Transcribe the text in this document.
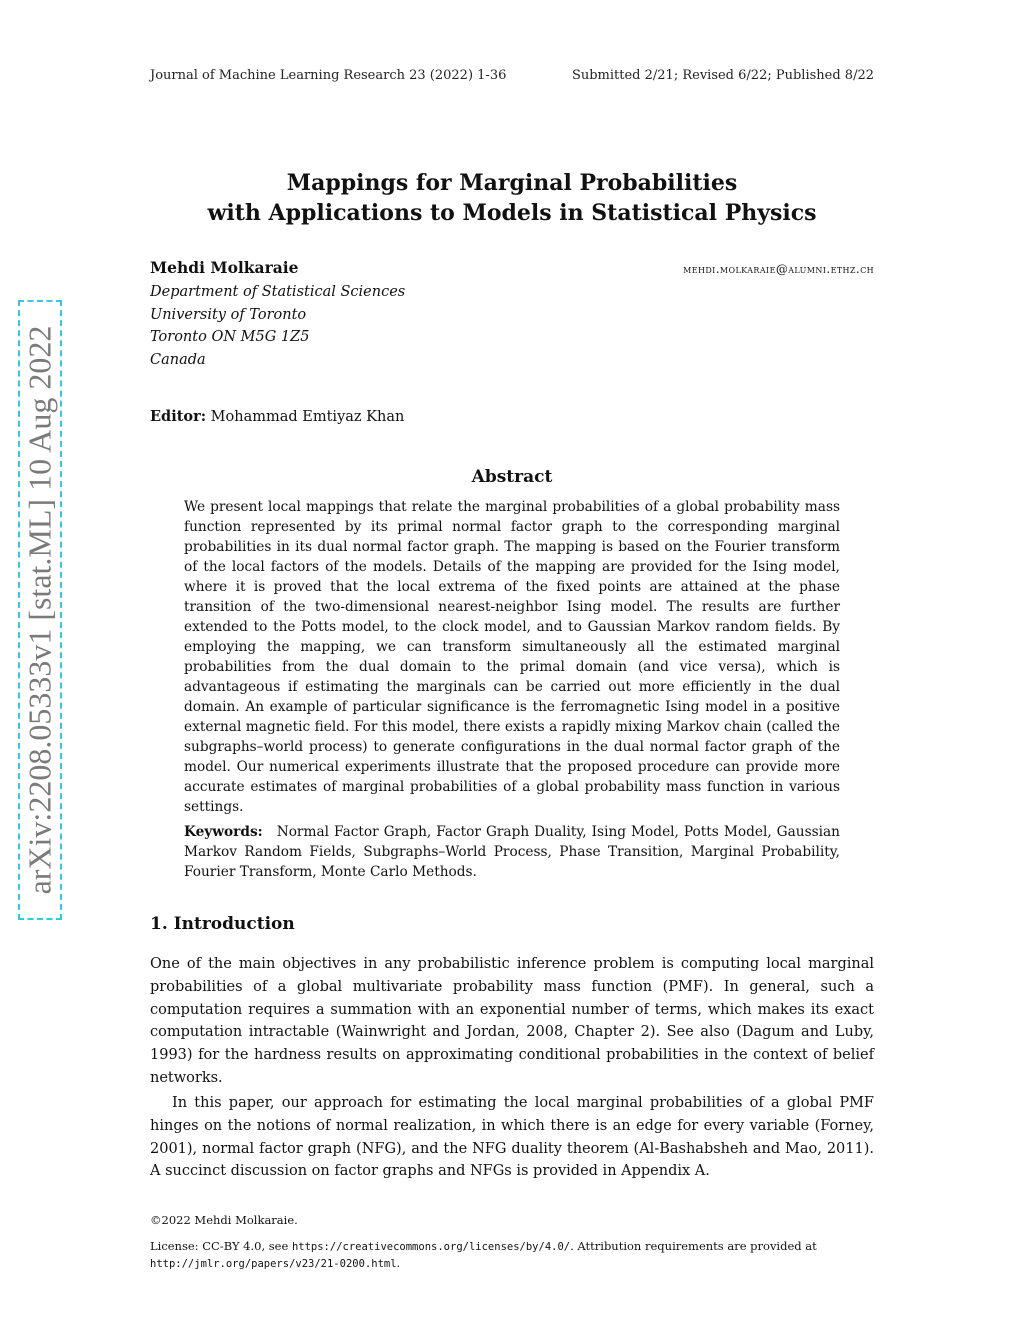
Journal of Machine Learning Research 23 (2022) 1-36	Submitted 2/21; Revised 6/22; Published 8/22
Mappings for Marginal Probabilities
with Applications to Models in Statistical Physics
Mehdi Molkaraie	mehdi.molkaraie@alumni.ethz.ch
Department of Statistical Sciences
University of Toronto
Toronto ON M5G 1Z5
Canada
Editor: Mohammad Emtiyaz Khan
Abstract
We present local mappings that relate the marginal probabilities of a global probability mass function represented by its primal normal factor graph to the corresponding marginal probabilities in its dual normal factor graph. The mapping is based on the Fourier transform of the local factors of the models. Details of the mapping are provided for the Ising model, where it is proved that the local extrema of the fixed points are attained at the phase transition of the two-dimensional nearest-neighbor Ising model. The results are further extended to the Potts model, to the clock model, and to Gaussian Markov random fields. By employing the mapping, we can transform simultaneously all the estimated marginal probabilities from the dual domain to the primal domain (and vice versa), which is advantageous if estimating the marginals can be carried out more efficiently in the dual domain. An example of particular significance is the ferromagnetic Ising model in a positive external magnetic field. For this model, there exists a rapidly mixing Markov chain (called the subgraphs–world process) to generate configurations in the dual normal factor graph of the model. Our numerical experiments illustrate that the proposed procedure can provide more accurate estimates of marginal probabilities of a global probability mass function in various settings.
Keywords: Normal Factor Graph, Factor Graph Duality, Ising Model, Potts Model, Gaussian Markov Random Fields, Subgraphs–World Process, Phase Transition, Marginal Probability, Fourier Transform, Monte Carlo Methods.
1. Introduction
One of the main objectives in any probabilistic inference problem is computing local marginal probabilities of a global multivariate probability mass function (PMF). In general, such a computation requires a summation with an exponential number of terms, which makes its exact computation intractable (Wainwright and Jordan, 2008, Chapter 2). See also (Dagum and Luby, 1993) for the hardness results on approximating conditional probabilities in the context of belief networks.
In this paper, our approach for estimating the local marginal probabilities of a global PMF hinges on the notions of normal realization, in which there is an edge for every variable (Forney, 2001), normal factor graph (NFG), and the NFG duality theorem (Al-Bashabsheh and Mao, 2011). A succinct discussion on factor graphs and NFGs is provided in Appendix A.
©2022 Mehdi Molkaraie.
License: CC-BY 4.0, see https://creativecommons.org/licenses/by/4.0/. Attribution requirements are provided at http://jmlr.org/papers/v23/21-0200.html.
arXiv:2208.05333v1 [stat.ML] 10 Aug 2022
